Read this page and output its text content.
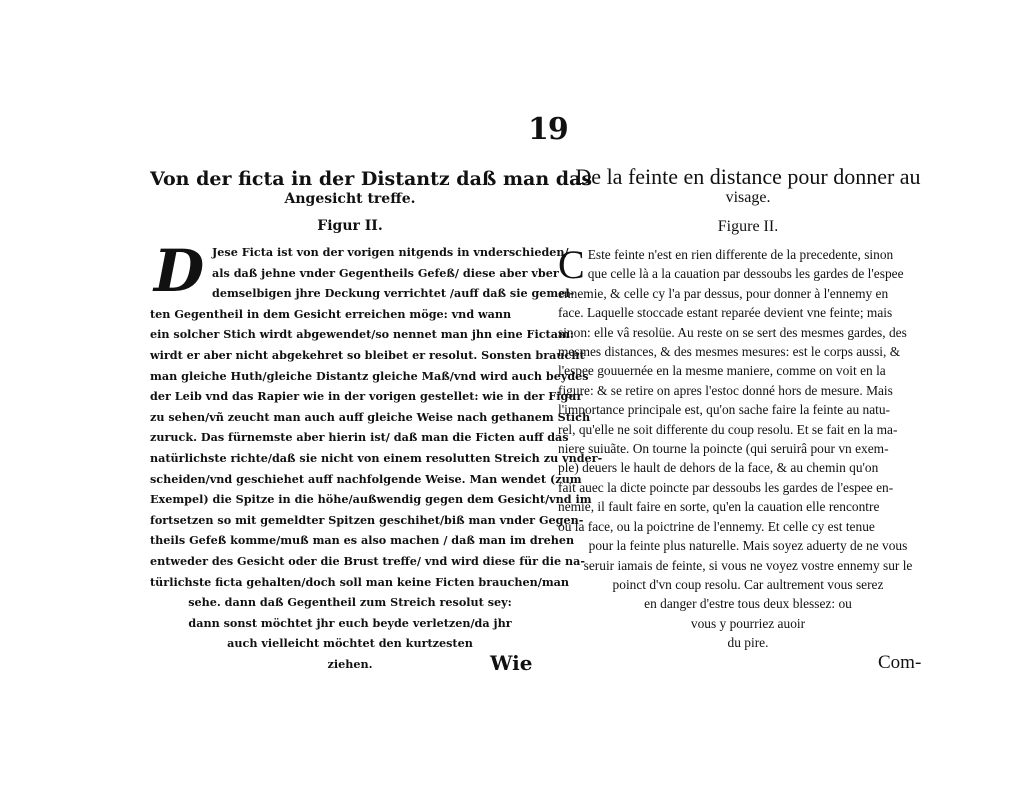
19
Von der ficta in der Distantz daß man das
Angesicht treffe.
Figur II.
D Jese Ficta ist von der vorigen nitgends in vnderschieden/
als daß jehne vnder Gegentheils Gefeß/ diese aber vber
demselbigen jhre Deckung verrichtet /auff daß sie gemel-
ten Gegentheil in dem Gesicht erreichen möge: vnd wann
ein solcher Stich wirdt abgewendet/so nennet man jhn eine Fictam:
wirdt er aber nicht abgekehret so bleibet er resolut. Sonsten braucht
man gleiche Huth/gleiche Distantz gleiche Maß/vnd wird auch beydes
der Leib vnd das Rapier wie in der vorigen gestellet: wie in der Figur
zu sehen/vñ zeucht man auch auff gleiche Weise nach gethanem Stich
zuruck. Das fürnemste aber hierin ist/ daß man die Ficten auff das
natürlichste richte/daß sie nicht von einem resolutten Streich zu vnder-
scheiden/vnd geschiehet auff nachfolgende Weise. Man wendet (zum
Exempel) die Spitze in die höhe/außwendig gegen dem Gesicht/vnd im
fortsetzen so mit gemeldter Spitzen geschihet/biß man vnder Gegen-
theils Gefeß komme/muß man es also machen / daß man im drehen
entweder des Gesicht oder die Brust treffe/ vnd wird diese für die na-
türlichste ficta gehalten/doch soll man keine Ficten brauchen/man
sehe. dann daß Gegentheil zum Streich resolut sey:
dann sonst möchtet jhr euch beyde verletzen/da jhr
auch vielleicht möchtet den kurtzesten
ziehen.	Wie
De la feinte en distance pour donner au
visage.
Figure II.
C Este feinte n'est en rien differente de la precedente, sinon
que celle là a la cauation par dessoubs les gardes de l'espee
ennemie, & celle cy l'a par dessus, pour donner à l'ennemy en
face. Laquelle stoccade estant reparée devient vne feinte; mais
sinon: elle vâ resolüe. Au reste on se sert des mesmes gardes, des
mesmes distances, & des mesmes mesures: est le corps aussi, &
l'espee gouuernée en la mesme maniere, comme on voit en la
figure: & se retire on apres l'estoc donné hors de mesure. Mais
l'importance principale est, qu'on sache faire la feinte au natu-
rel, qu'elle ne soit differente du coup resolu. Et se fait en la ma-
niere suiuãte. On tourne la poincte (qui seruirâ pour vn exem-
ple) deuers le hault de dehors de la face, & au chemin qu'on
fait auec la dicte poincte par dessoubs les gardes de l'espee en-
nemie, il fault faire en sorte, qu'en la cauation elle rencontre
ou la face, ou la poictrine de l'ennemy. Et celle cy est tenue
pour la feinte plus naturelle. Mais soyez aduerty de ne vous
seruir iamais de feinte, si vous ne voyez vostre ennemy sur le
poinct d'vn coup resolu. Car aultrement vous serez
en danger d'estre tous deux blessez: ou
vous y pourriez auoir
du pire.
Com-
